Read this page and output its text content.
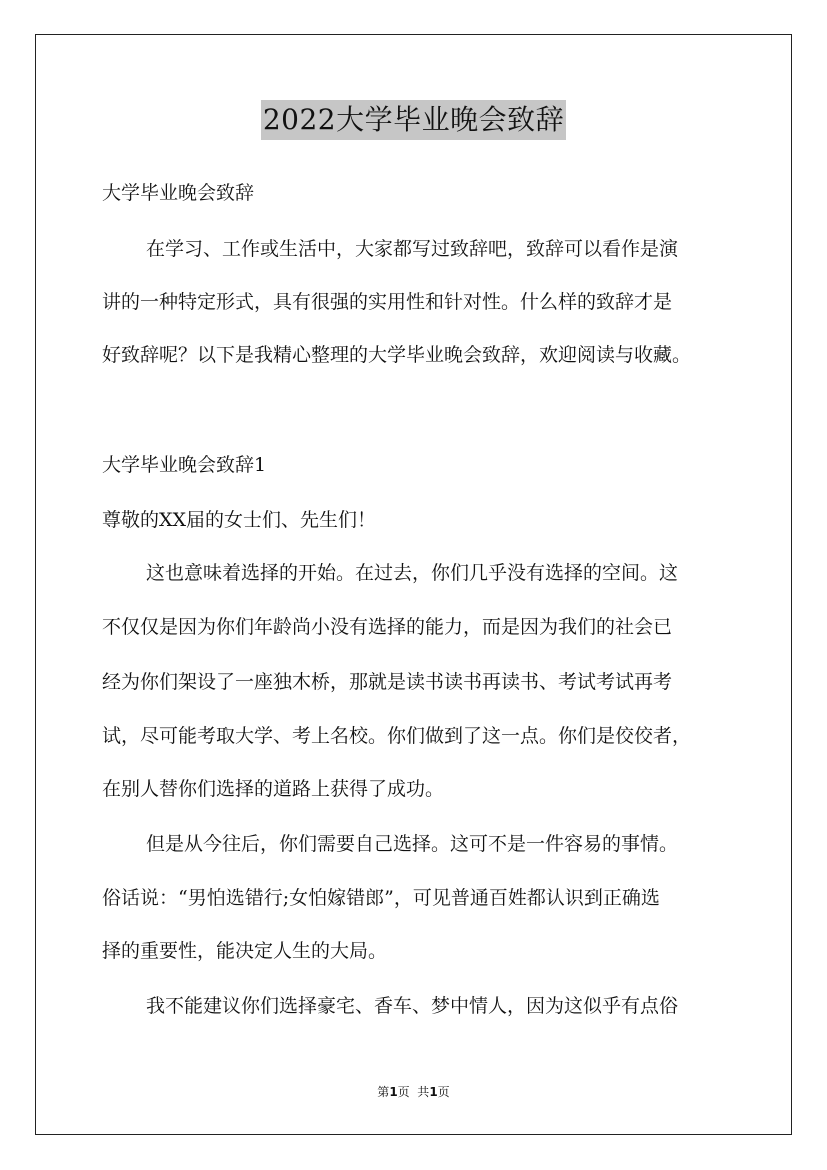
2022大学毕业晚会致辞
大学毕业晚会致辞
在学习、工作或生活中，大家都写过致辞吧，致辞可以看作是演
讲的一种特定形式，具有很强的实用性和针对性。什么样的致辞才是
好致辞呢？以下是我精心整理的大学毕业晚会致辞，欢迎阅读与收藏。
大学毕业晚会致辞1
尊敬的XX届的女士们、先生们！
这也意味着选择的开始。在过去，你们几乎没有选择的空间。这
不仅仅是因为你们年龄尚小没有选择的能力，而是因为我们的社会已
经为你们架设了一座独木桥，那就是读书读书再读书、考试考试再考
试，尽可能考取大学、考上名校。你们做到了这一点。你们是佼佼者，
在别人替你们选择的道路上获得了成功。
但是从今往后，你们需要自己选择。这可不是一件容易的事情。
俗话说：“男怕选错行;女怕嫁错郎”，可见普通百姓都认识到正确选
择的重要性，能决定人生的大局。
我不能建议你们选择豪宅、香车、梦中情人，因为这似乎有点俗
第1页  共1页
